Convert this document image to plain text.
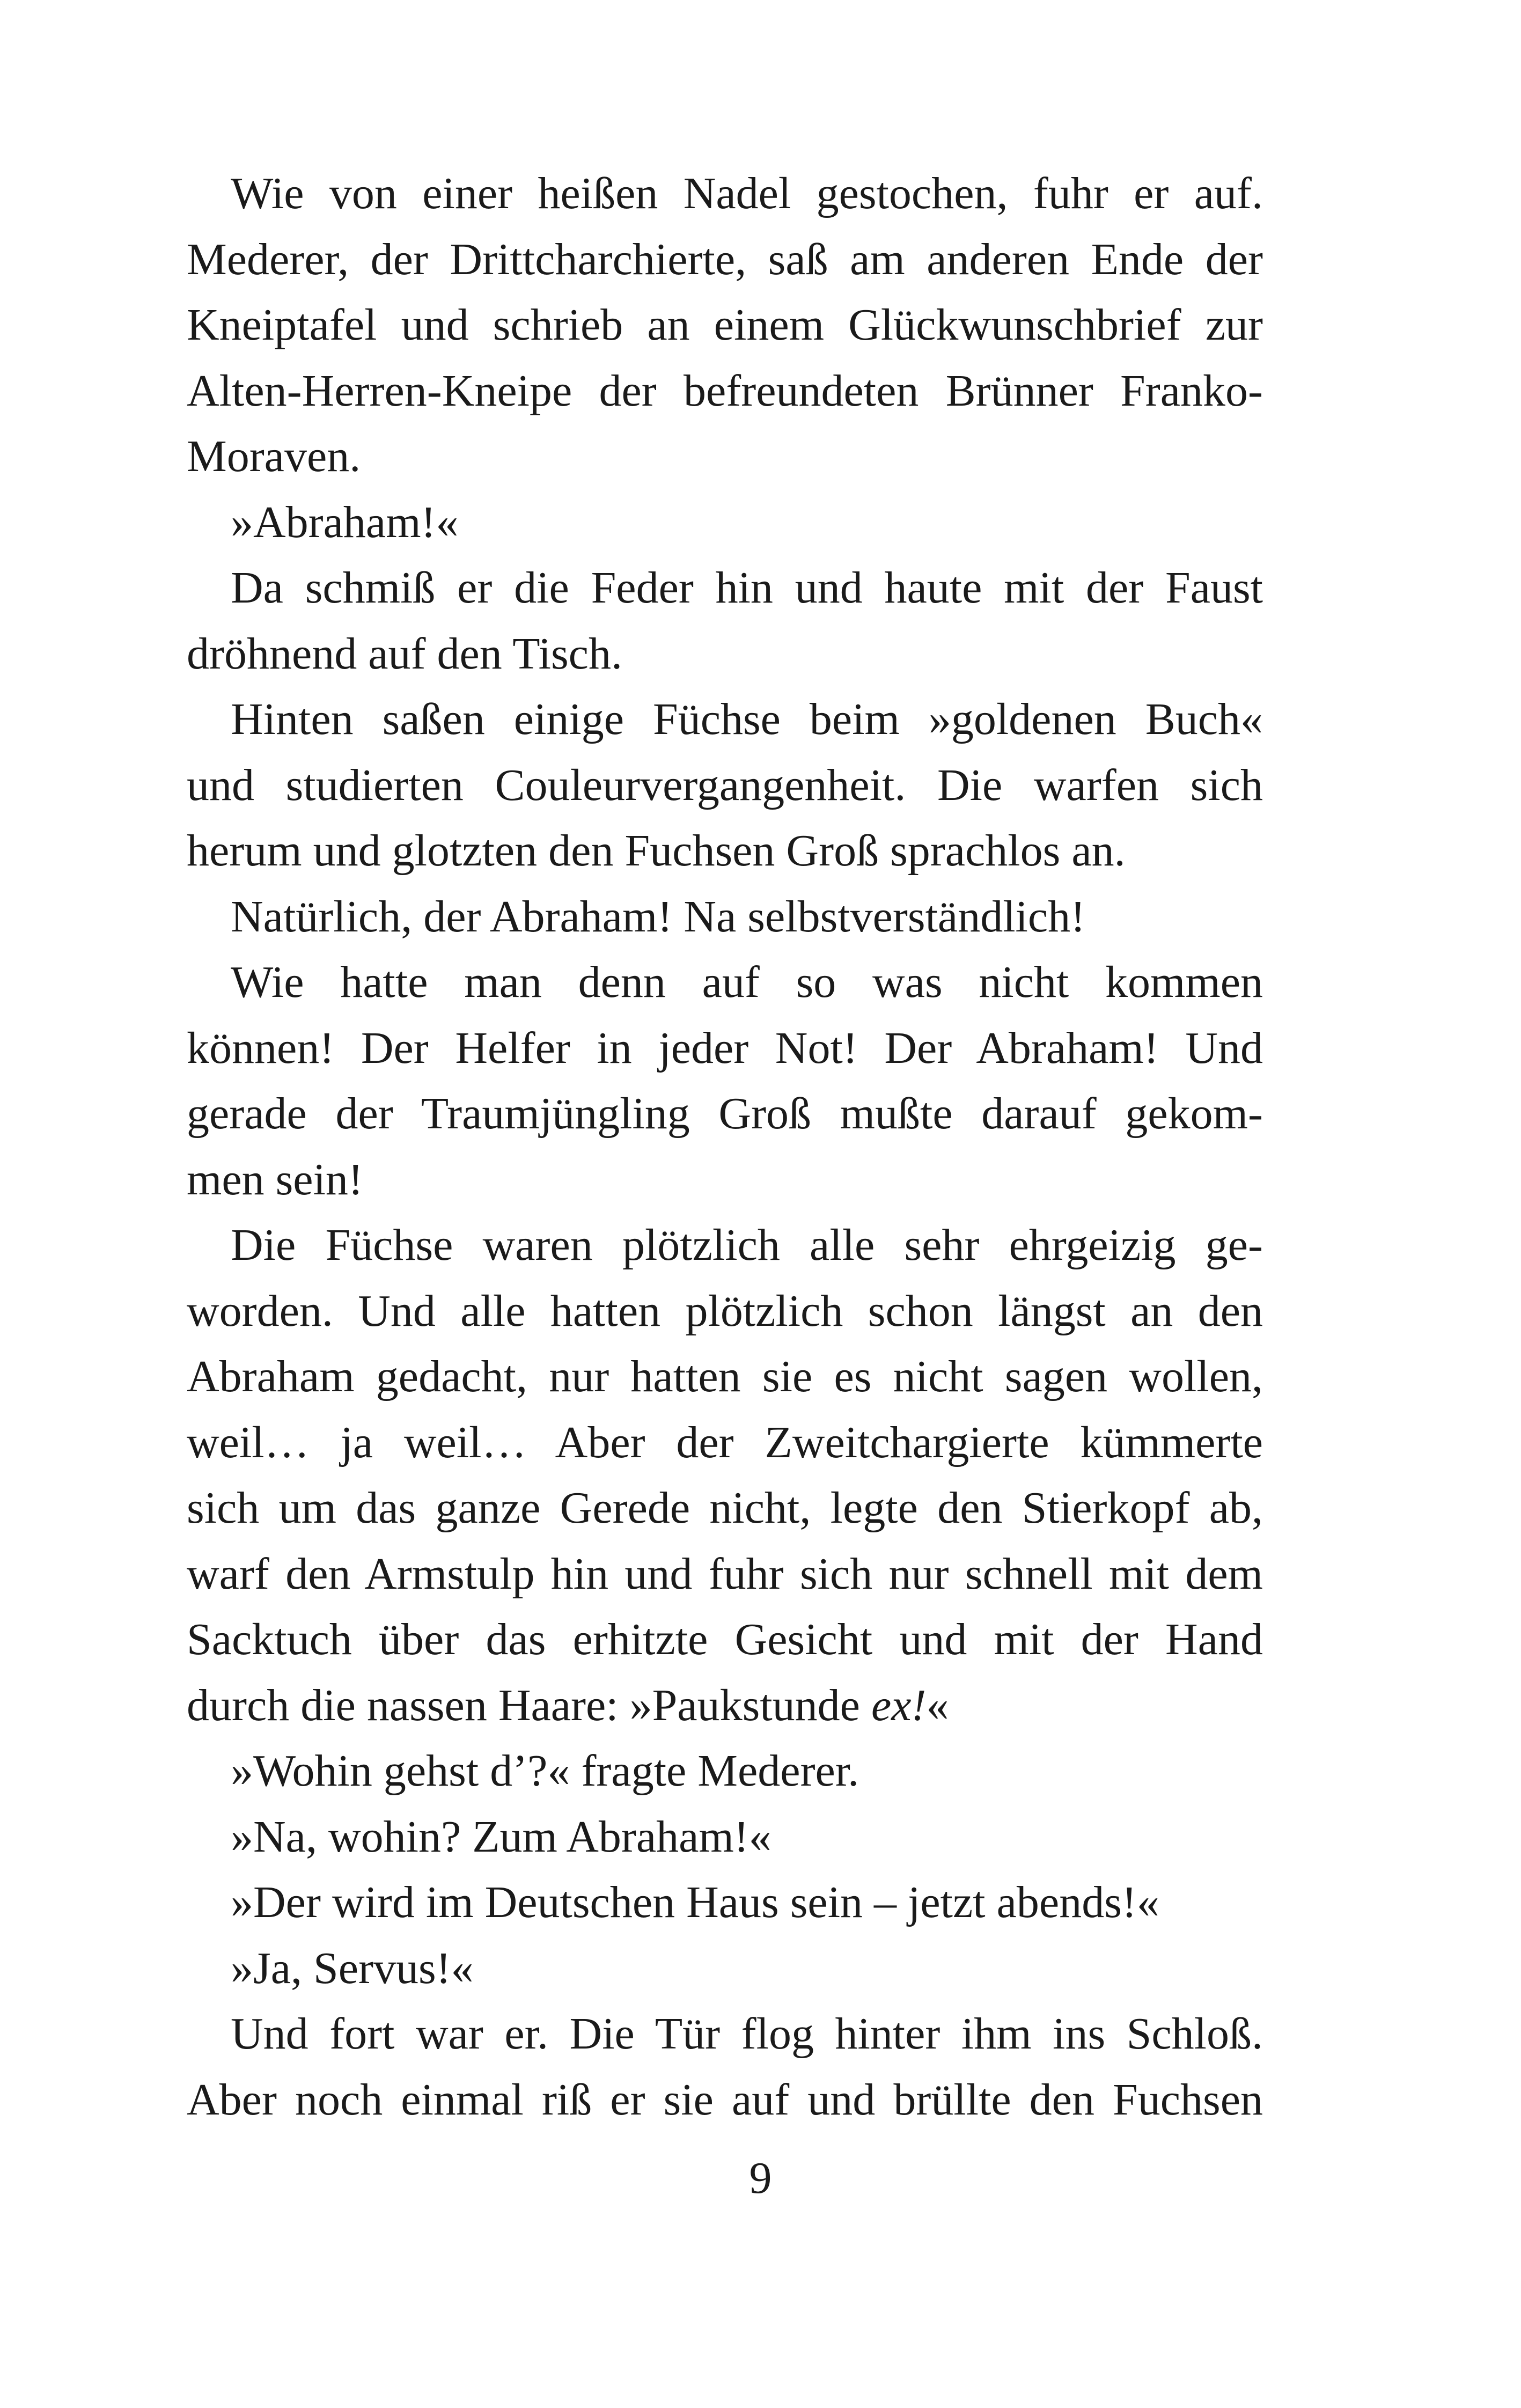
Wie von einer heißen Nadel gestochen, fuhr er auf.
Mederer, der Drittcharchierte, saß am anderen Ende der
Kneiptafel und schrieb an einem Glückwunschbrief zur
Alten-Herren-Kneipe der befreundeten Brünner Franko-
Moraven.
»Abraham!«
Da schmiß er die Feder hin und haute mit der Faust
dröhnend auf den Tisch.
Hinten saßen einige Füchse beim »goldenen Buch«
und studierten Couleurvergangenheit. Die warfen sich
herum und glotzten den Fuchsen Groß sprachlos an.
Natürlich, der Abraham! Na selbstverständlich!
Wie hatte man denn auf so was nicht kommen
können! Der Helfer in jeder Not! Der Abraham! Und
gerade der Traumjüngling Groß mußte darauf gekom-
men sein!
Die Füchse waren plötzlich alle sehr ehrgeizig ge-
worden. Und alle hatten plötzlich schon längst an den
Abraham gedacht, nur hatten sie es nicht sagen wollen,
weil… ja weil… Aber der Zweitchargierte kümmerte
sich um das ganze Gerede nicht, legte den Stierkopf ab,
warf den Armstulp hin und fuhr sich nur schnell mit dem
Sacktuch über das erhitzte Gesicht und mit der Hand
durch die nassen Haare: »Paukstunde ex!«
»Wohin gehst d’?« fragte Mederer.
»Na, wohin? Zum Abraham!«
»Der wird im Deutschen Haus sein – jetzt abends!«
»Ja, Servus!«
Und fort war er. Die Tür flog hinter ihm ins Schloß.
Aber noch einmal riß er sie auf und brüllte den Fuchsen
9
